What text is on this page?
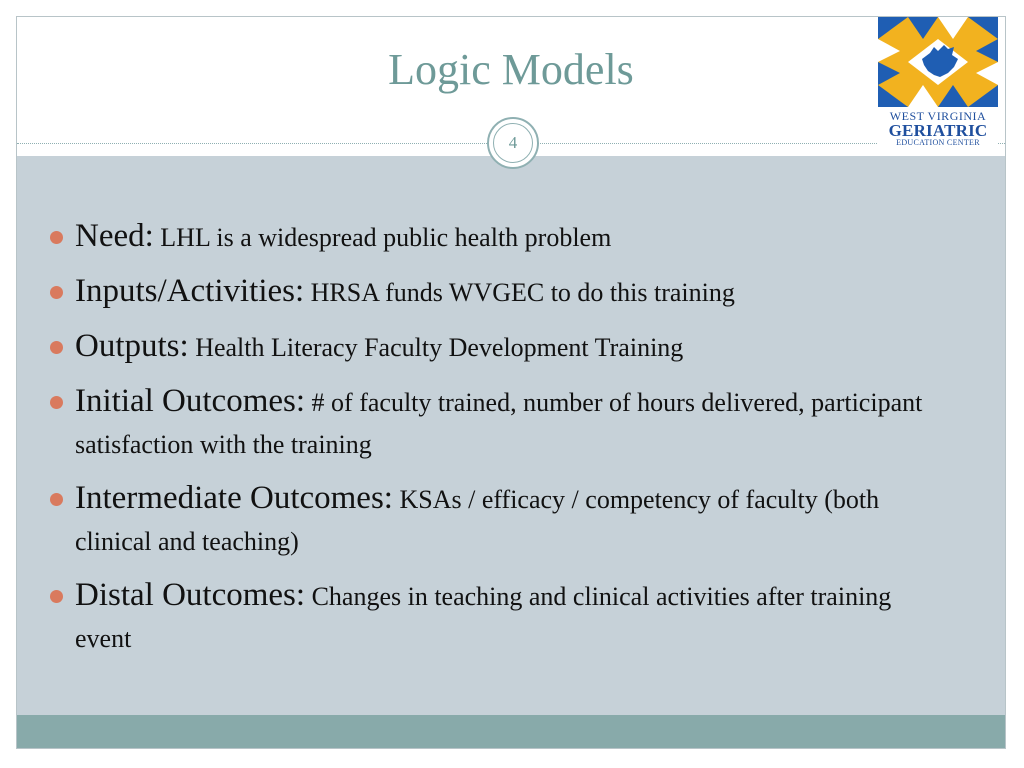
Logic Models
4
WEST VIRGINIA
GERIATRIC
EDUCATION CENTER
Need: LHL is a widespread public health problem
Inputs/Activities: HRSA funds WVGEC to do this training
Outputs: Health Literacy Faculty Development Training
Initial Outcomes: # of faculty trained, number of hours delivered, participant satisfaction with the training
Intermediate Outcomes: KSAs / efficacy / competency of faculty (both clinical and teaching)
Distal Outcomes: Changes in teaching and clinical activities after training event
